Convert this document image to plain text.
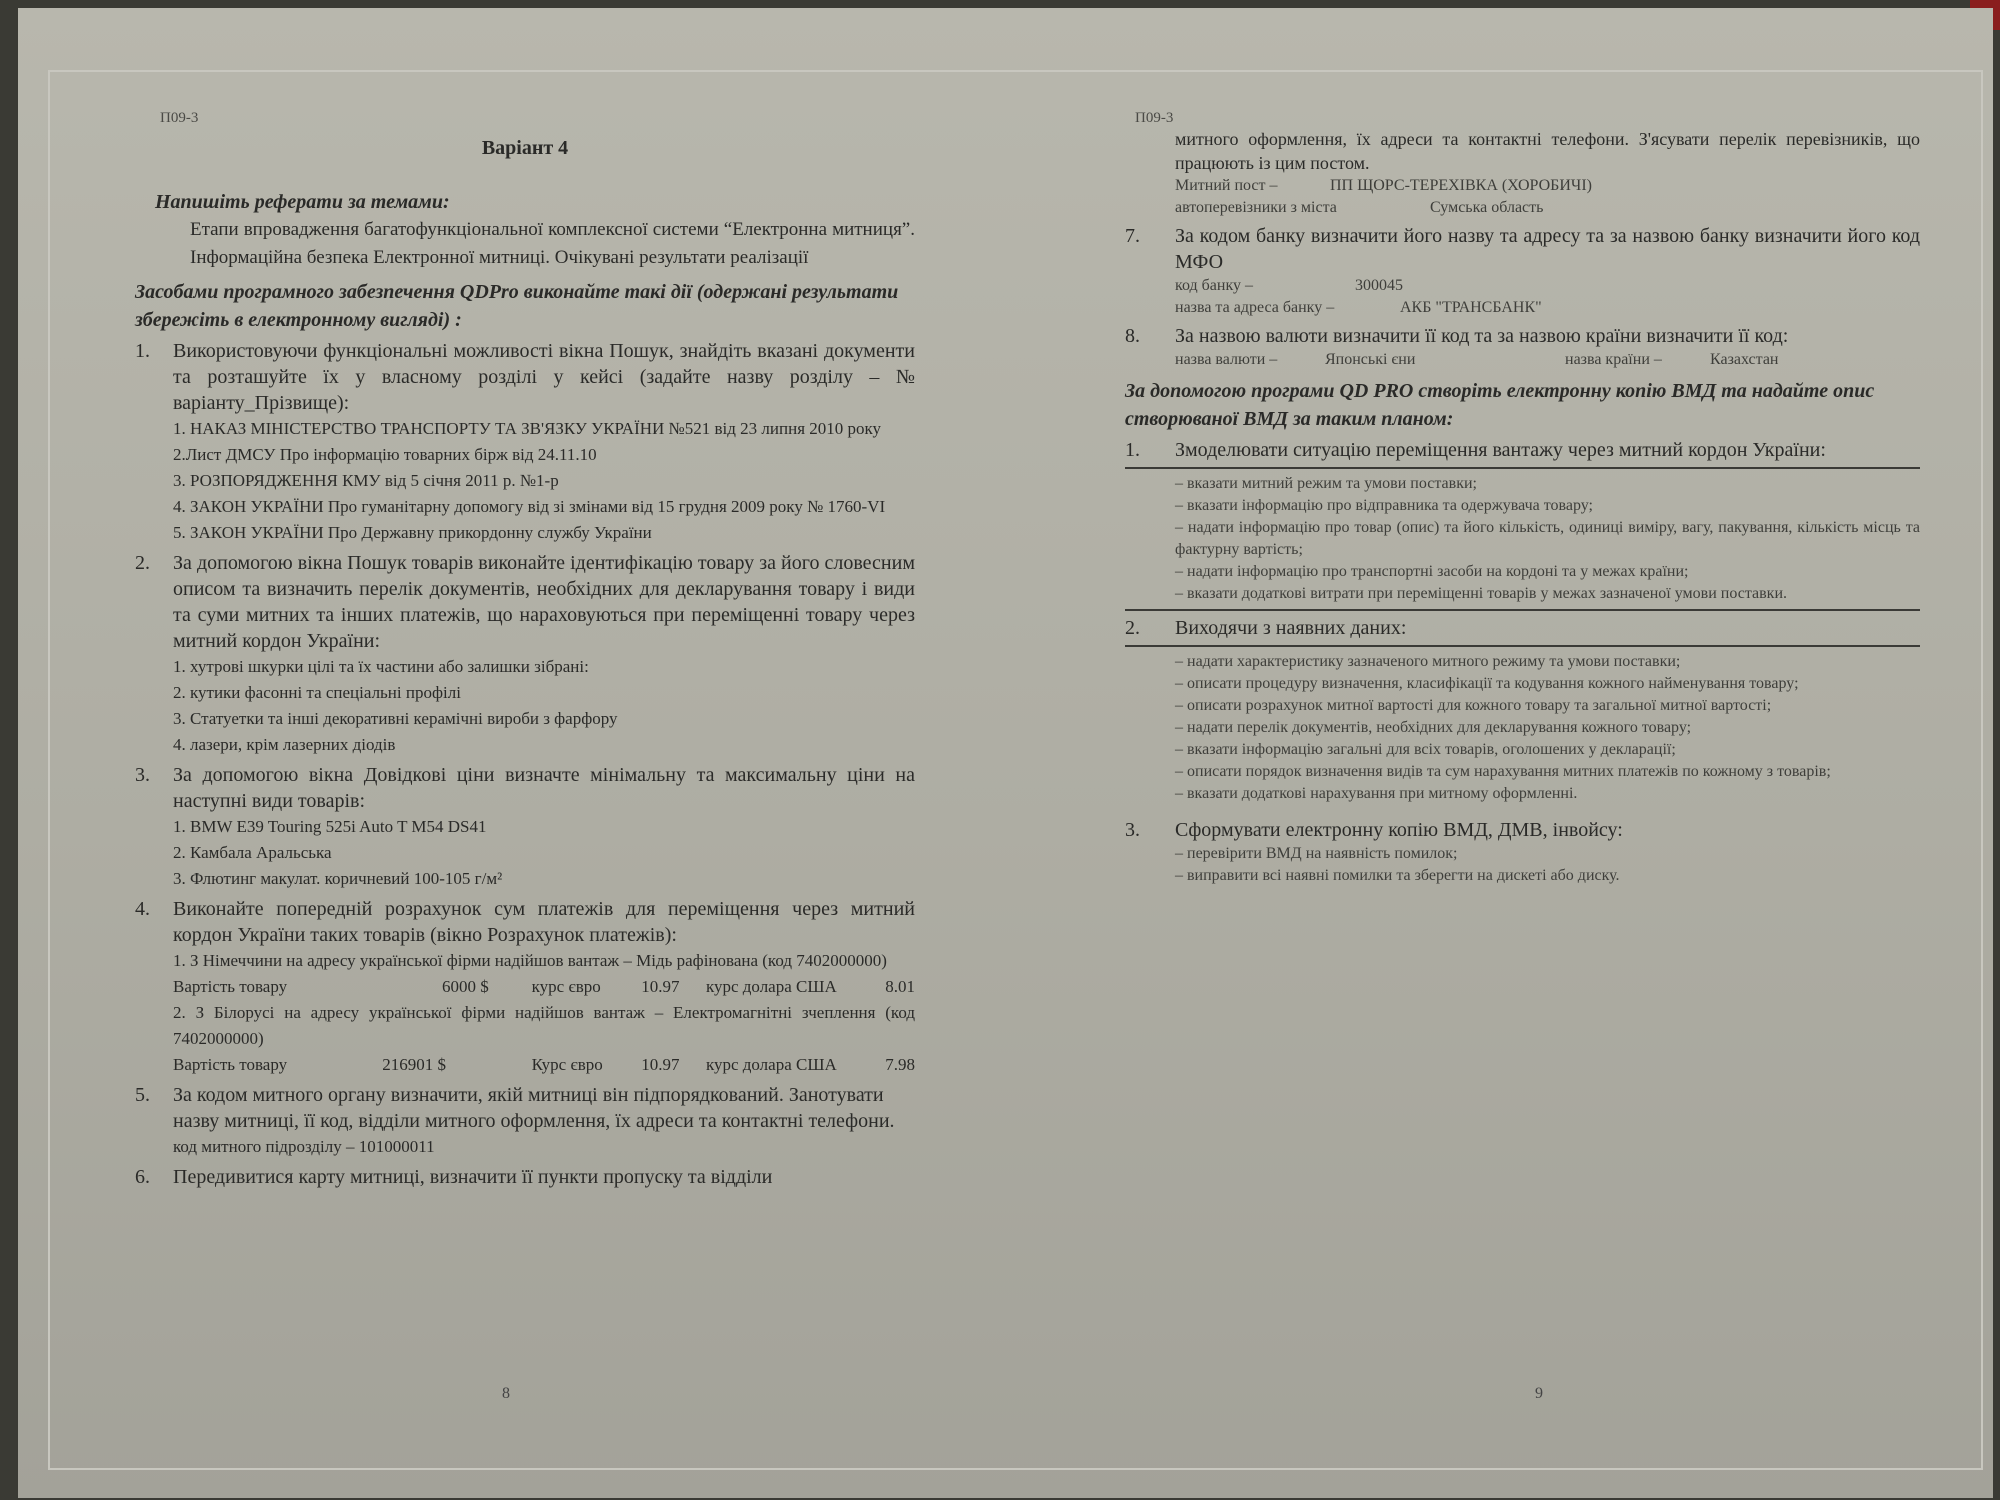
П09-3
Варіант 4
Напишіть реферати за темами:
Етапи впровадження багатофункціональної комплексної системи “Електронна митниця”. Інформаційна безпека Електронної митниці. Очікувані результати реалізації
Засобами програмного забезпечення QDPro виконайте такі дії (одержані результати збережіть в електронному вигляді) :
1.	Використовуючи функціональні можливості вікна Пошук, знайдіть вказані документи та розташуйте їх у власному розділі у кейсі (задайте назву розділу – № варіанту_Прізвище):
1. НАКАЗ МІНІСТЕРСТВО ТРАНСПОРТУ ТА ЗВ'ЯЗКУ УКРАЇНИ №521 від 23 липня 2010 року
2.Лист ДМСУ Про інформацію товарних бірж від 24.11.10
3. РОЗПОРЯДЖЕННЯ КМУ від 5 січня 2011 р. №1-р
4. ЗАКОН УКРАЇНИ Про гуманітарну допомогу від зі змінами від 15 грудня 2009 року № 1760-VI
5. ЗАКОН УКРАЇНИ Про Державну прикордонну службу України
2.	За допомогою вікна Пошук товарів виконайте ідентифікацію товару за його словесним описом та визначить перелік документів, необхідних для декларування товару і види та суми митних та інших платежів, що нараховуються при переміщенні товару через митний кордон України:
1. хутрові шкурки цілі та їх частини або залишки зібрані:
2. кутики фасонні та спеціальні профілі
3. Статуетки та інші декоративні керамічні вироби з фарфору
4. лазери, крім лазерних діодів
3.	За допомогою вікна Довідкові ціни визначте мінімальну та максимальну ціни на наступні види товарів:
1. BMW E39 Touring 525i Auto T M54 DS41
2. Камбала Аральська
3. Флютинг макулат. коричневий 100-105 г/м²
4.	Виконайте попередній розрахунок сум платежів для переміщення через митний кордон України таких товарів (вікно Розрахунок платежів):
1. З Німеччини на адресу української фірми надійшов вантаж – Мідь рафінована (код 7402000000)
Вартість товару	6000 $	курс євро	10.97	курс долара США	8.01
2. З Білорусі на адресу української фірми надійшов вантаж – Електромагнітні зчеплення (код 7402000000)
Вартість товару	216901 $	Курс євро	10.97	курс долара США	7.98
5.	За кодом митного органу визначити, якій митниці він підпорядкований. Занотувати назву митниці, її код, відділи митного оформлення, їх адреси та контактні телефони.
код митного підрозділу – 101000011
6.	Передивитися карту митниці, визначити її пункти пропуску та відділи
8
П09-3
митного оформлення, їх адреси та контактні телефони. З'ясувати перелік перевізників, що працюють із цим постом.
Митний пост –	ПП ЩОРС-ТЕРЕХІВКА (ХОРОБИЧІ)
автоперевізники з міста	Сумська область
7.	За кодом банку визначити його назву та адресу та за назвою банку визначити його код МФО
код банку –	300045
назва та адреса банку –	АКБ "ТРАНСБАНК"
8.	За назвою валюти визначити її код та за назвою країни визначити її код:
назва валюти –	Японські єни	назва країни –	Казахстан
За допомогою програми QD PRO створіть електронну копію ВМД та надайте опис створюваної ВМД за таким планом:
1.	Змоделювати ситуацію переміщення вантажу через митний кордон України:
– вказати митний режим та умови поставки;
– вказати інформацію про відправника та одержувача товару;
– надати інформацію про товар (опис) та його кількість, одиниці виміру, вагу, пакування, кількість місць та фактурну вартість;
– надати інформацію про транспортні засоби на кордоні та у межах країни;
– вказати додаткові витрати при переміщенні товарів у межах зазначеної умови поставки.
2.	Виходячи з наявних даних:
– надати характеристику зазначеного митного режиму та умови поставки;
– описати процедуру визначення, класифікації та кодування кожного найменування товару;
– описати розрахунок митної вартості для кожного товару та загальної митної вартості;
– надати перелік документів, необхідних для декларування кожного товару;
– вказати інформацію загальні для всіх товарів, оголошених у декларації;
– описати порядок визначення видів та сум нарахування митних платежів по кожному з товарів;
– вказати додаткові нарахування при митному оформленні.
3.	Сформувати електронну копію ВМД, ДМВ, інвойсу:
– перевірити ВМД на наявність помилок;
– виправити всі наявні помилки та зберегти на дискеті або диску.
9
